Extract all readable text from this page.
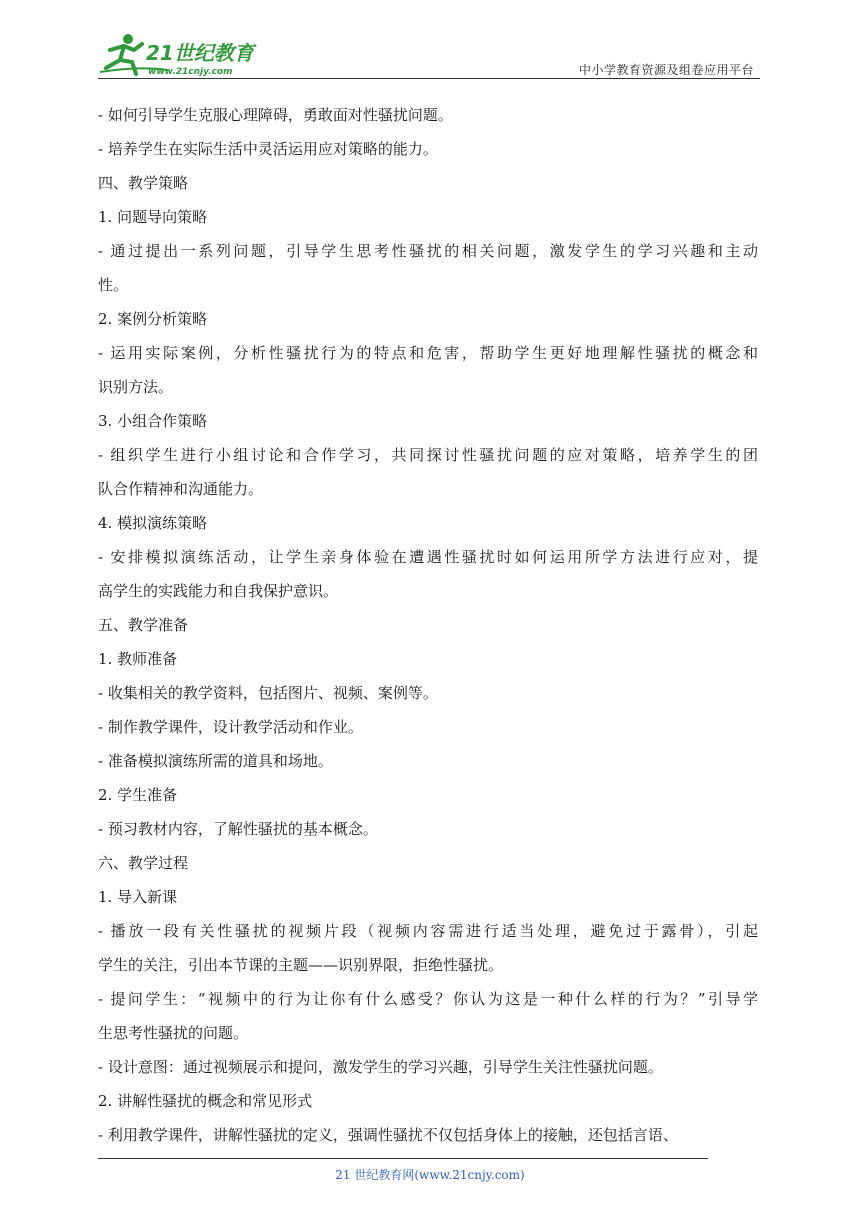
21世纪教育
www.21cnjy.com	中小学教育资源及组卷应用平台
- 如何引导学生克服心理障碍，勇敢面对性骚扰问题。
- 培养学生在实际生活中灵活运用应对策略的能力。
四、教学策略
1. 问题导向策略
- 通过提出一系列问题，引导学生思考性骚扰的相关问题，激发学生的学习兴趣和主动
性。
2. 案例分析策略
- 运用实际案例，分析性骚扰行为的特点和危害，帮助学生更好地理解性骚扰的概念和
识别方法。
3. 小组合作策略
- 组织学生进行小组讨论和合作学习，共同探讨性骚扰问题的应对策略，培养学生的团
队合作精神和沟通能力。
4. 模拟演练策略
- 安排模拟演练活动，让学生亲身体验在遭遇性骚扰时如何运用所学方法进行应对，提
高学生的实践能力和自我保护意识。
五、教学准备
1. 教师准备
- 收集相关的教学资料，包括图片、视频、案例等。
- 制作教学课件，设计教学活动和作业。
- 准备模拟演练所需的道具和场地。
2. 学生准备
- 预习教材内容，了解性骚扰的基本概念。
六、教学过程
1. 导入新课
- 播放一段有关性骚扰的视频片段（视频内容需进行适当处理，避免过于露骨），引起
学生的关注，引出本节课的主题——识别界限，拒绝性骚扰。
- 提问学生：“视频中的行为让你有什么感受？你认为这是一种什么样的行为？”引导学
生思考性骚扰的问题。
- 设计意图：通过视频展示和提问，激发学生的学习兴趣，引导学生关注性骚扰问题。
2. 讲解性骚扰的概念和常见形式
- 利用教学课件，讲解性骚扰的定义，强调性骚扰不仅包括身体上的接触，还包括言语、
21 世纪教育网(www.21cnjy.com)
